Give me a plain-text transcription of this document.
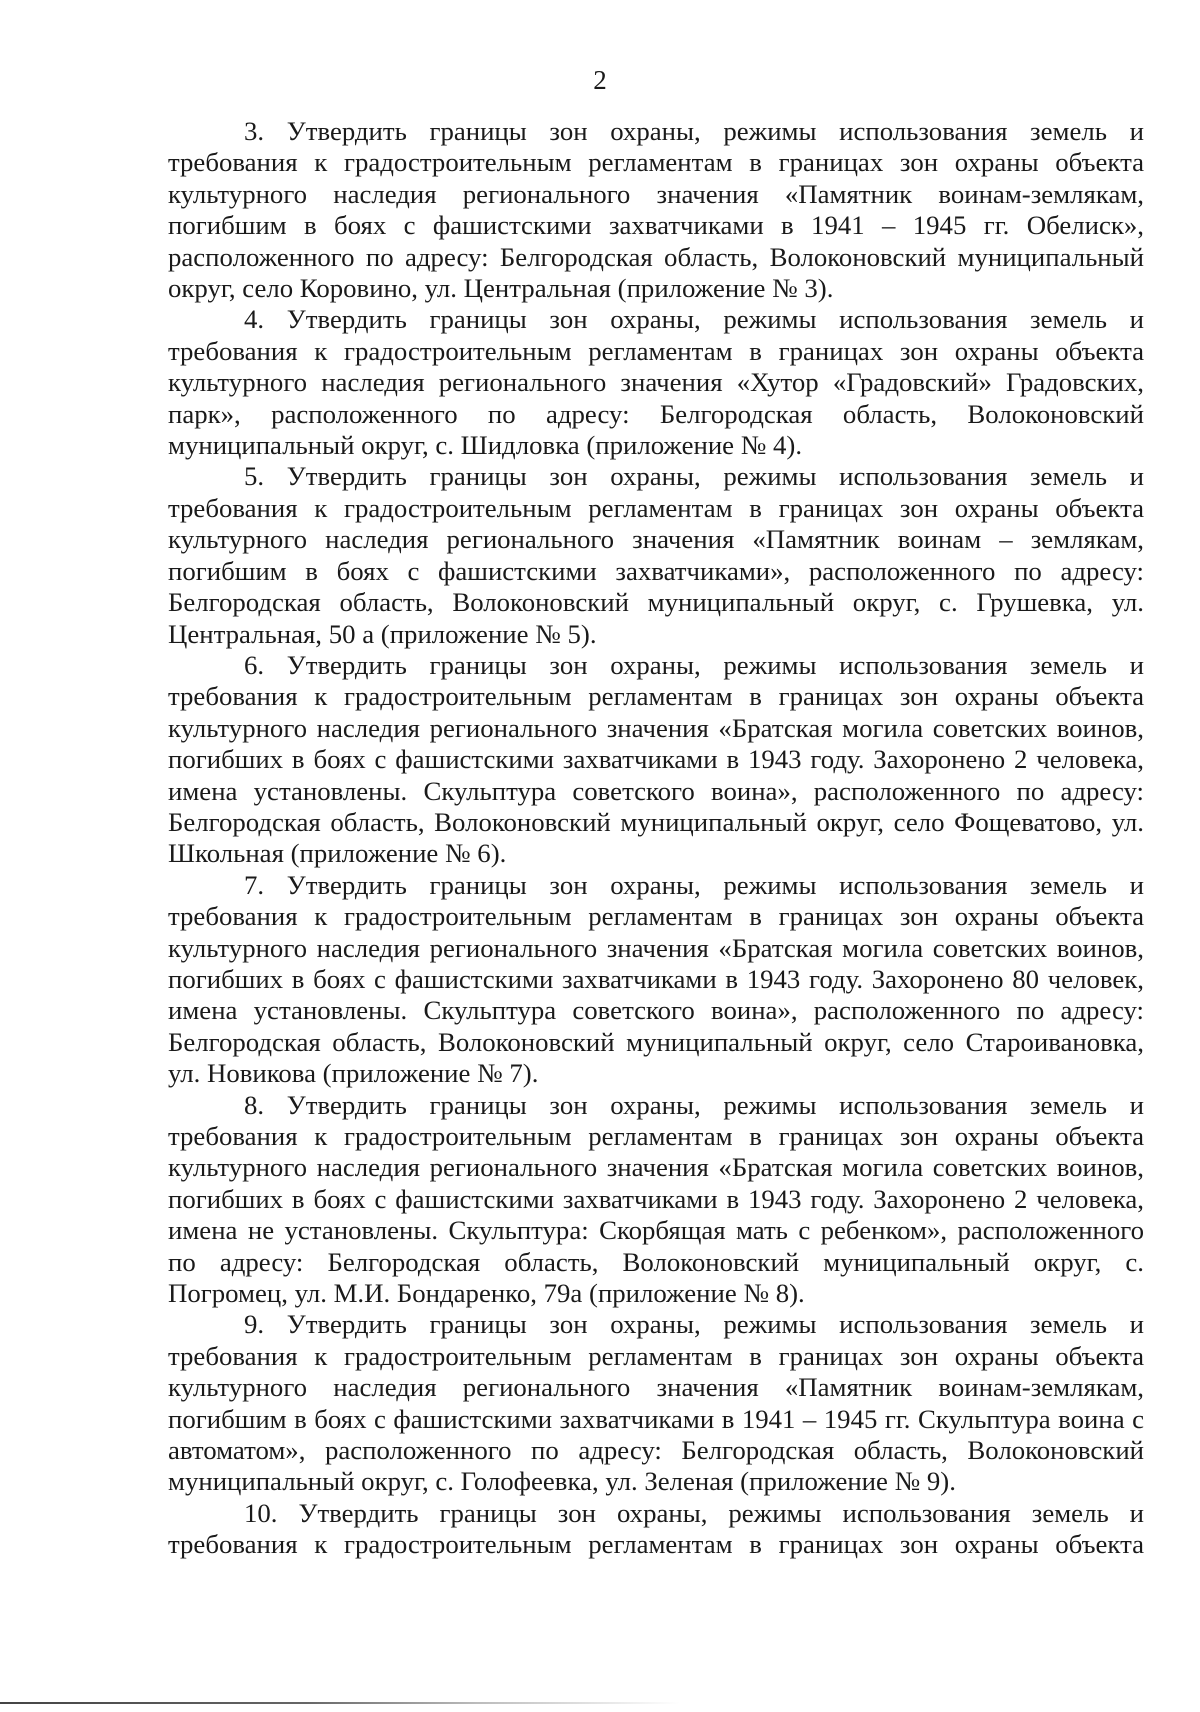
2

3. Утвердить границы зон охраны, режимы использования земель и требования к градостроительным регламентам в границах зон охраны объекта культурного наследия регионального значения «Памятник воинам-землякам, погибшим в боях с фашистскими захватчиками в 1941 – 1945 гг. Обелиск», расположенного по адресу: Белгородская область, Волоконовский муниципальный округ, село Коровино, ул. Центральная (приложение № 3).

4. Утвердить границы зон охраны, режимы использования земель и требования к градостроительным регламентам в границах зон охраны объекта культурного наследия регионального значения «Хутор «Градовский» Градовских, парк», расположенного по адресу: Белгородская область, Волоконовский муниципальный округ, с. Шидловка (приложение № 4).

5. Утвердить границы зон охраны, режимы использования земель и требования к градостроительным регламентам в границах зон охраны объекта культурного наследия регионального значения «Памятник воинам – землякам, погибшим в боях с фашистскими захватчиками», расположенного по адресу: Белгородская область, Волоконовский муниципальный округ, с. Грушевка, ул. Центральная, 50 а (приложение № 5).

6. Утвердить границы зон охраны, режимы использования земель и требования к градостроительным регламентам в границах зон охраны объекта культурного наследия регионального значения «Братская могила советских воинов, погибших в боях с фашистскими захватчиками в 1943 году. Захоронено 2 человека, имена установлены. Скульптура советского воина», расположенного по адресу: Белгородская область, Волоконовский муниципальный округ, село Фощеватово, ул. Школьная (приложение № 6).

7. Утвердить границы зон охраны, режимы использования земель и требования к градостроительным регламентам в границах зон охраны объекта культурного наследия регионального значения «Братская могила советских воинов, погибших в боях с фашистскими захватчиками в 1943 году. Захоронено 80 человек, имена установлены. Скульптура советского воина», расположенного по адресу: Белгородская область, Волоконовский муниципальный округ, село Староивановка, ул. Новикова (приложение № 7).

8. Утвердить границы зон охраны, режимы использования земель и требования к градостроительным регламентам в границах зон охраны объекта культурного наследия регионального значения «Братская могила советских воинов, погибших в боях с фашистскими захватчиками в 1943 году. Захоронено 2 человека, имена не установлены. Скульптура: Скорбящая мать с ребенком», расположенного по адресу: Белгородская область, Волоконовский муниципальный округ, с. Погромец, ул. М.И. Бондаренко, 79а (приложение № 8).

9. Утвердить границы зон охраны, режимы использования земель и требования к градостроительным регламентам в границах зон охраны объекта культурного наследия регионального значения «Памятник воинам-землякам, погибшим в боях с фашистскими захватчиками в 1941 – 1945 гг. Скульптура воина с автоматом», расположенного по адресу: Белгородская область, Волоконовский муниципальный округ, с. Голофеевка, ул. Зеленая (приложение № 9).

10. Утвердить границы зон охраны, режимы использования земель и требования к градостроительным регламентам в границах зон охраны объекта
